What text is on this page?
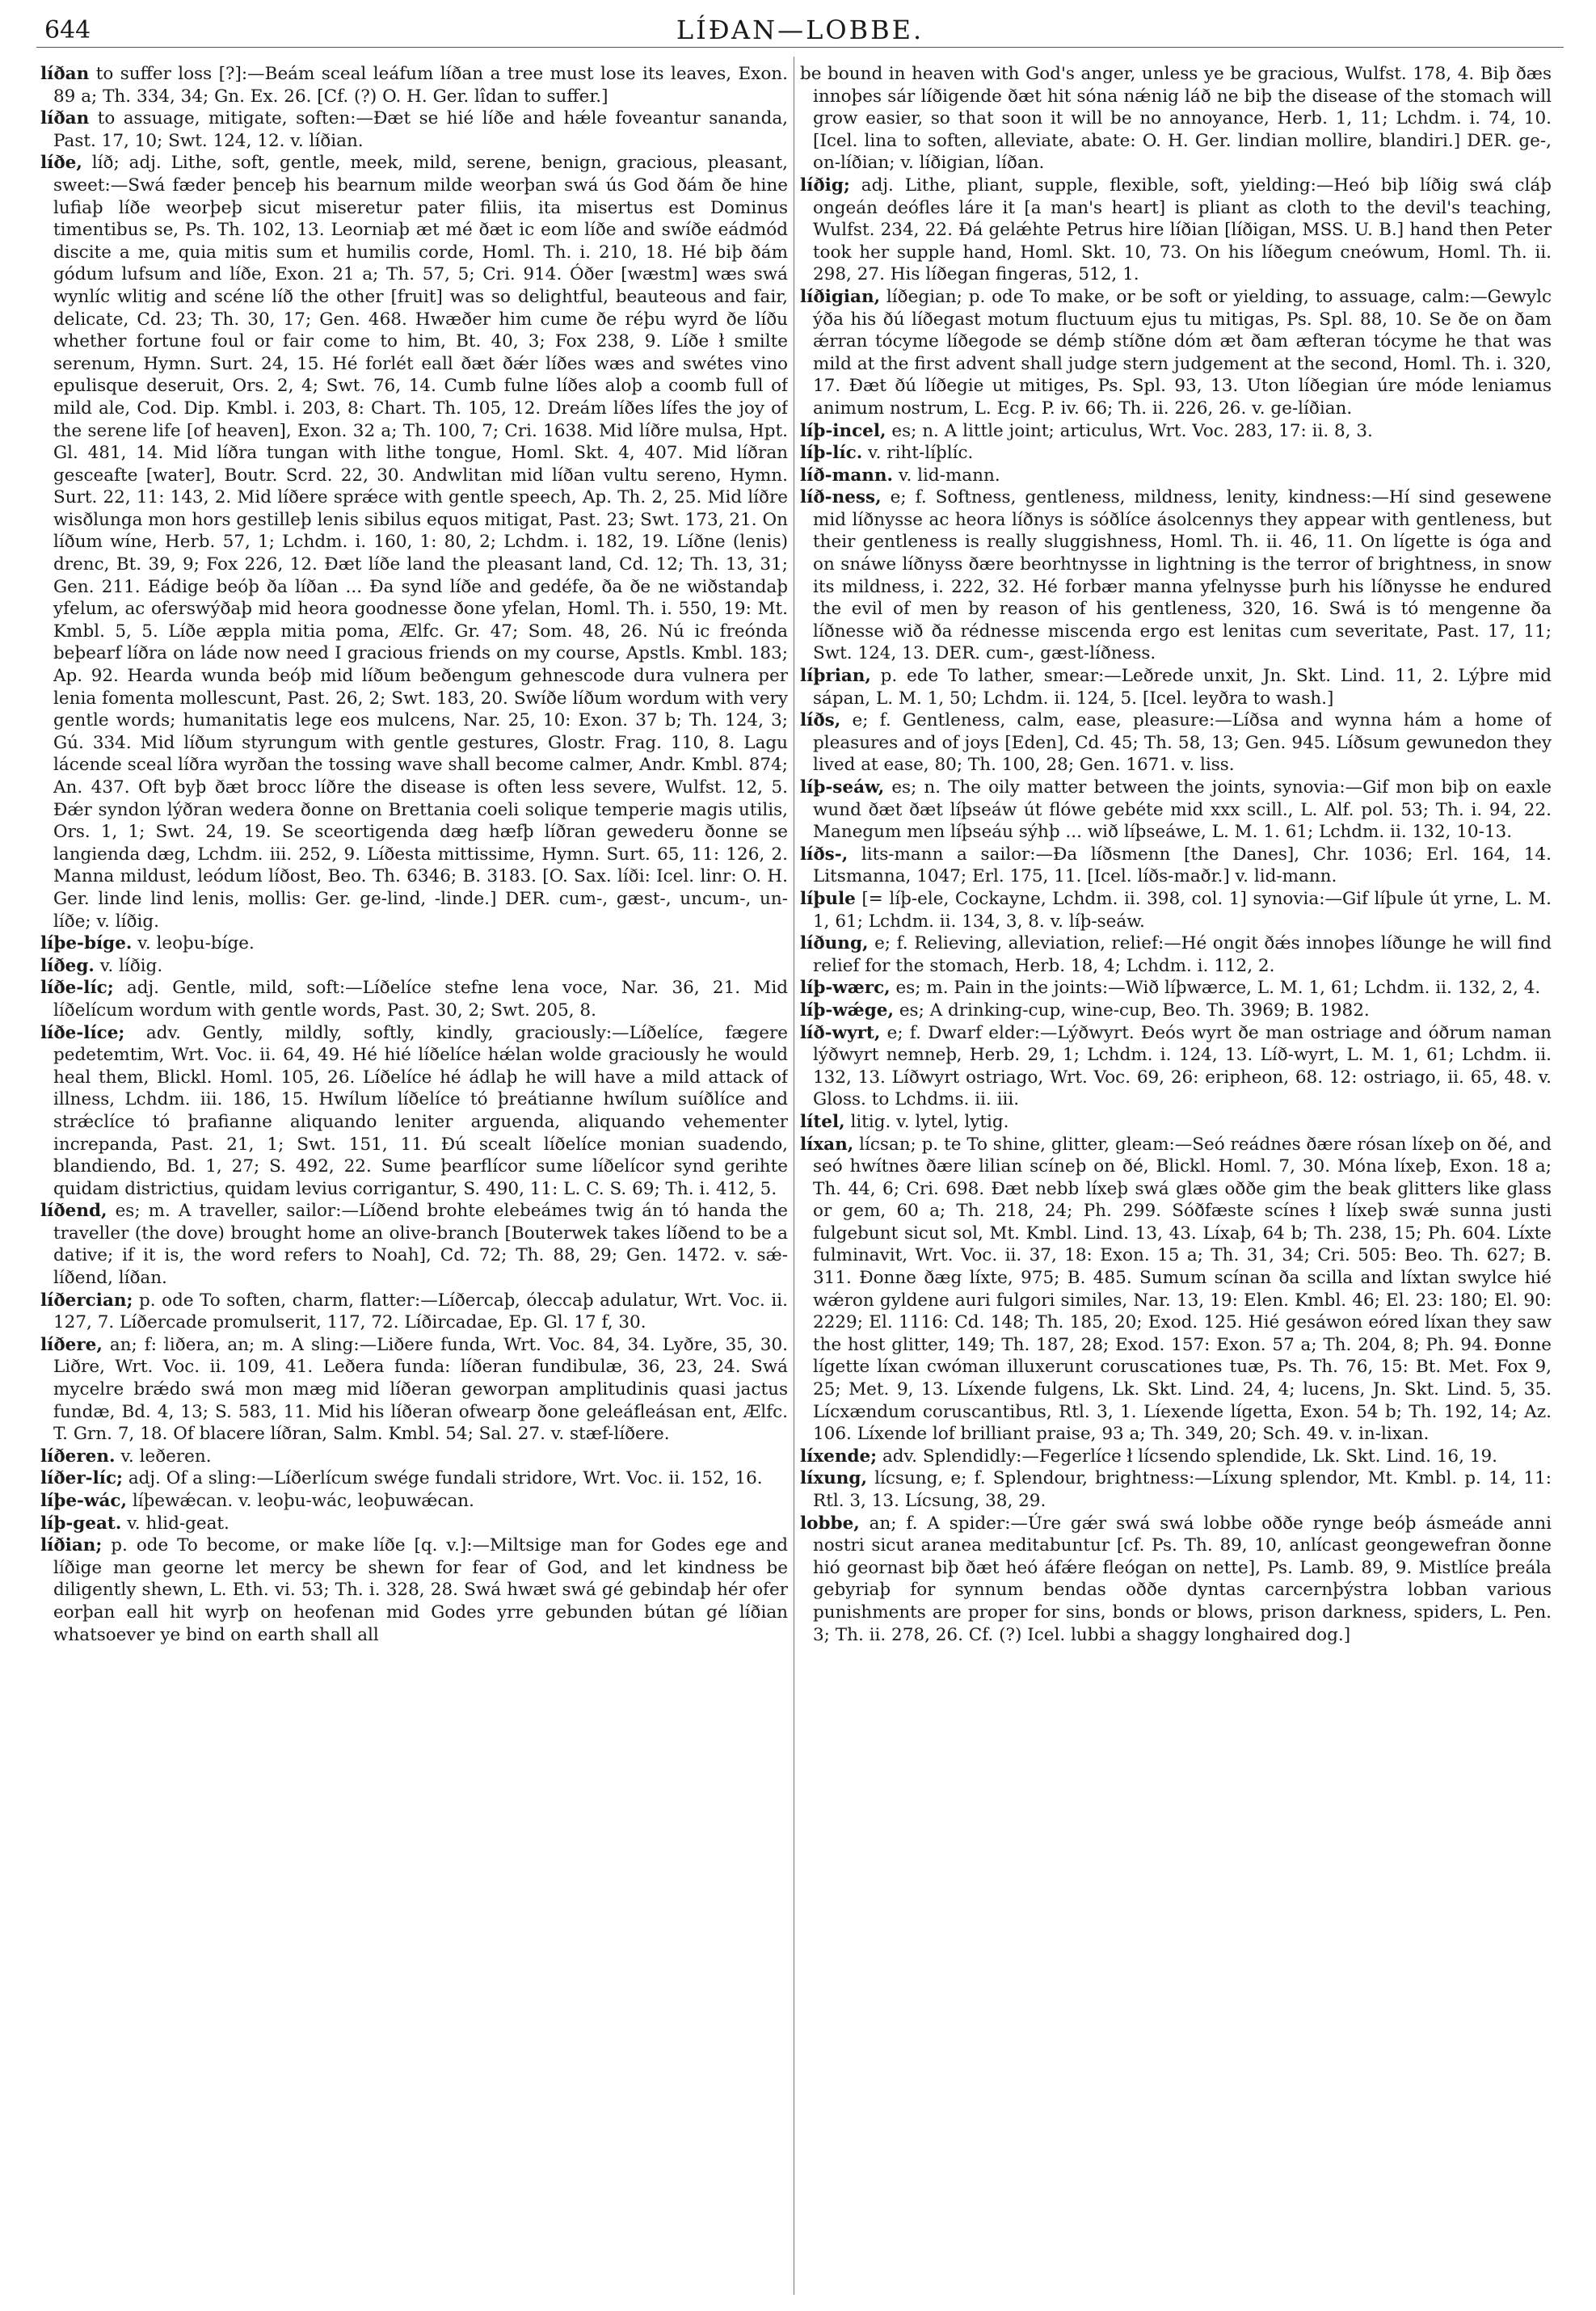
644	LÍÐAN—LOBBE.

líðan to suffer loss [?]:—Beám sceal leáfum líðan a tree must lose its leaves, Exon. 89 a; Th. 334, 34; Gn. Ex. 26. [Cf. (?) O. H. Ger. lîdan to suffer.]

líðan to assuage, mitigate, soften:—Ðæt se hié líðe and hǽle foveantur sananda, Past. 17, 10; Swt. 124, 12. v. líðian.

líðe, líð; adj. Lithe, soft, gentle, meek, mild, serene, benign, gracious, pleasant, sweet:—Swá fæder þenceþ his bearnum milde weorþan swá ús God ðám ðe hine lufiaþ líðe weorþeþ sicut miseretur pater filiis, ita misertus est Dominus timentibus se, Ps. Th. 102, 13. Leorniaþ æt mé ðæt ic eom líðe and swíðe eádmód discite a me, quia mitis sum et humilis corde, Homl. Th. i. 210, 18. Hé biþ ðám gódum lufsum and líðe, Exon. 21 a; Th. 57, 5; Cri. 914. Óðer [wæstm] wæs swá wynlíc wlitig and scéne líð the other [fruit] was so delightful, beauteous and fair, delicate, Cd. 23; Th. 30, 17; Gen. 468. Hwæðer him cume ðe réþu wyrd ðe líðu whether fortune foul or fair come to him, Bt. 40, 3; Fox 238, 9. Líðe ł smilte serenum, Hymn. Surt. 24, 15. Hé forlét eall ðæt ðǽr líðes wæs and swétes vino epulisque deseruit, Ors. 2, 4; Swt. 76, 14. Cumb fulne líðes aloþ a coomb full of mild ale, Cod. Dip. Kmbl. i. 203, 8: Chart. Th. 105, 12. Dreám líðes lífes the joy of the serene life [of heaven], Exon. 32 a; Th. 100, 7; Cri. 1638. Mid líðre mulsa, Hpt. Gl. 481, 14. Mid líðra tungan with lithe tongue, Homl. Skt. 4, 407. Mid líðran gesceafte [water], Boutr. Scrd. 22, 30. Andwlitan mid líðan vultu sereno, Hymn. Surt. 22, 11: 143, 2. Mid líðere sprǽce with gentle speech, Ap. Th. 2, 25. Mid líðre wisðlunga mon hors gestilleþ lenis sibilus equos mitigat, Past. 23; Swt. 173, 21. On líðum wíne, Herb. 57, 1; Lchdm. i. 160, 1: 80, 2; Lchdm. i. 182, 19. Líðne (lenis) drenc, Bt. 39, 9; Fox 226, 12. Ðæt líðe land the pleasant land, Cd. 12; Th. 13, 31; Gen. 211. Eádige beóþ ða líðan ... Ða synd líðe and gedéfe, ða ðe ne wiðstandaþ yfelum, ac oferswýðaþ mid heora goodnesse ðone yfelan, Homl. Th. i. 550, 19: Mt. Kmbl. 5, 5. Líðe æppla mitia poma, Ælfc. Gr. 47; Som. 48, 26. Nú ic freónda beþearf líðra on láde now need I gracious friends on my course, Apstls. Kmbl. 183; Ap. 92. Hearda wunda beóþ mid líðum beðengum gehnescode dura vulnera per lenia fomenta mollescunt, Past. 26, 2; Swt. 183, 20. Swíðe líðum wordum with very gentle words; humanitatis lege eos mulcens, Nar. 25, 10: Exon. 37 b; Th. 124, 3; Gú. 334. Mid líðum styrungum with gentle gestures, Glostr. Frag. 110, 8. Lagu lácende sceal líðra wyrðan the tossing wave shall become calmer, Andr. Kmbl. 874; An. 437. Oft byþ ðæt brocc líðre the disease is often less severe, Wulfst. 12, 5. Ðǽr syndon lýðran wedera ðonne on Brettania coeli solique temperie magis utilis, Ors. 1, 1; Swt. 24, 19. Se sceortigenda dæg hæfþ líðran gewederu ðonne se langienda dæg, Lchdm. iii. 252, 9. Líðesta mittissime, Hymn. Surt. 65, 11: 126, 2. Manna mildust, leódum líðost, Beo. Th. 6346; B. 3183. [O. Sax. líði: Icel. linr: O. H. Ger. linde lind lenis, mollis: Ger. ge-lind, -linde.] DER. cum-, gæst-, uncum-, un- líðe; v. líðig.

líþe-bíge. v. leoþu-bíge.

líðeg. v. líðig.

líðe-líc; adj. Gentle, mild, soft:—Líðelíce stefne lena voce, Nar. 36, 21. Mid líðelícum wordum with gentle words, Past. 30, 2; Swt. 205, 8.

líðe-líce; adv. Gently, mildly, softly, kindly, graciously:—Líðelíce, fægere pedetemtim, Wrt. Voc. ii. 64, 49. Hé hié líðelíce hǽlan wolde graciously he would heal them, Blickl. Homl. 105, 26. Líðelíce hé ádlaþ he will have a mild attack of illness, Lchdm. iii. 186, 15. Hwílum líðelíce tó þreátianne hwílum suíðlíce and strǽclíce tó þrafianne aliquando leniter arguenda, aliquando vehementer increpanda, Past. 21, 1; Swt. 151, 11. Ðú scealt líðelíce monian suadendo, blandiendo, Bd. 1, 27; S. 492, 22. Sume þearflícor sume líðelícor synd gerihte quidam districtius, quidam levius corrigantur, S. 490, 11: L. C. S. 69; Th. i. 412, 5.

líðend, es; m. A traveller, sailor:—Líðend brohte elebeámes twig án tó handa the traveller (the dove) brought home an olive-branch [Bouterwek takes líðend to be a dative; if it is, the word refers to Noah], Cd. 72; Th. 88, 29; Gen. 1472. v. sǽ-líðend, líðan.

líðercian; p. ode To soften, charm, flatter:—Líðercaþ, óleccaþ adulatur, Wrt. Voc. ii. 127, 7. Líðercade promulserit, 117, 72. Líðircadae, Ep. Gl. 17 f, 30.

líðere, an; f: liðera, an; m. A sling:—Liðere funda, Wrt. Voc. 84, 34. Lyðre, 35, 30. Liðre, Wrt. Voc. ii. 109, 41. Leðera funda: líðeran fundibulæ, 36, 23, 24. Swá mycelre brǽdo swá mon mæg mid líðeran geworpan amplitudinis quasi jactus fundæ, Bd. 4, 13; S. 583, 11. Mid his líðeran ofwearp ðone geleáfleásan ent, Ælfc. T. Grn. 7, 18. Of blacere líðran, Salm. Kmbl. 54; Sal. 27. v. stæf-líðere.

líðeren. v. leðeren.

líðer-líc; adj. Of a sling:—Líðerlícum swége fundali stridore, Wrt. Voc. ii. 152, 16.

líþe-wác, líþewǽcan. v. leoþu-wác, leoþuwǽcan.

líþ-geat. v. hlid-geat.

líðian; p. ode To become, or make líðe [q. v.]:—Miltsige man for Godes ege and líðige man georne let mercy be shewn for fear of God, and let kindness be diligently shewn, L. Eth. vi. 53; Th. i. 328, 28. Swá hwæt swá gé gebindaþ hér ofer eorþan eall hit wyrþ on heofenan mid Godes yrre gebunden bútan gé líðian whatsoever ye bind on earth shall all

be bound in heaven with God's anger, unless ye be gracious, Wulfst. 178, 4. Biþ ðæs innoþes sár líðigende ðæt hit sóna nǽnig láð ne biþ the disease of the stomach will grow easier, so that soon it will be no annoyance, Herb. 1, 11; Lchdm. i. 74, 10. [Icel. lina to soften, alleviate, abate: O. H. Ger. lindian mollire, blandiri.] DER. ge-, on-líðian; v. líðigian, líðan.

líðig; adj. Lithe, pliant, supple, flexible, soft, yielding:—Heó biþ líðig swá cláþ ongeán deófles láre it [a man's heart] is pliant as cloth to the devil's teaching, Wulfst. 234, 22. Ðá gelǽhte Petrus hire líðian [líðigan, MSS. U. B.] hand then Peter took her supple hand, Homl. Skt. 10, 73. On his líðegum cneówum, Homl. Th. ii. 298, 27. His líðegan fingeras, 512, 1.

líðigian, líðegian; p. ode To make, or be soft or yielding, to assuage, calm:—Gewylc ýða his ðú líðegast motum fluctuum ejus tu mitigas, Ps. Spl. 88, 10. Se ðe on ðam ǽrran tócyme líðegode se démþ stíðne dóm æt ðam æfteran tócyme he that was mild at the first advent shall judge stern judgement at the second, Homl. Th. i. 320, 17. Ðæt ðú líðegie ut mitiges, Ps. Spl. 93, 13. Uton líðegian úre móde leniamus animum nostrum, L. Ecg. P. iv. 66; Th. ii. 226, 26. v. ge-líðian.

líþ-incel, es; n. A little joint; articulus, Wrt. Voc. 283, 17: ii. 8, 3.

líþ-líc. v. riht-líþlíc.

líð-mann. v. lid-mann.

líð-ness, e; f. Softness, gentleness, mildness, lenity, kindness:—Hí sind gesewene mid líðnysse ac heora líðnys is sóðlíce ásolcennys they appear with gentleness, but their gentleness is really sluggishness, Homl. Th. ii. 46, 11. On lígette is óga and on snáwe líðnyss ðære beorhtnysse in lightning is the terror of brightness, in snow its mildness, i. 222, 32. Hé forbær manna yfelnysse þurh his líðnysse he endured the evil of men by reason of his gentleness, 320, 16. Swá is tó mengenne ða líðnesse wið ða rédnesse miscenda ergo est lenitas cum severitate, Past. 17, 11; Swt. 124, 13. DER. cum-, gæst-líðness.

líþrian, p. ede To lather, smear:—Leðrede unxit, Jn. Skt. Lind. 11, 2. Lýþre mid sápan, L. M. 1, 50; Lchdm. ii. 124, 5. [Icel. leyðra to wash.]

líðs, e; f. Gentleness, calm, ease, pleasure:—Líðsa and wynna hám a home of pleasures and of joys [Eden], Cd. 45; Th. 58, 13; Gen. 945. Líðsum gewunedon they lived at ease, 80; Th. 100, 28; Gen. 1671. v. liss.

líþ-seáw, es; n. The oily matter between the joints, synovia:—Gif mon biþ on eaxle wund ðæt ðæt líþseáw út flówe gebéte mid xxx scill., L. Alf. pol. 53; Th. i. 94, 22. Manegum men líþseáu sýhþ ... wið líþseáwe, L. M. 1. 61; Lchdm. ii. 132, 10-13.

líðs-, lits-mann a sailor:—Ða líðsmenn [the Danes], Chr. 1036; Erl. 164, 14. Litsmanna, 1047; Erl. 175, 11. [Icel. líðs-maðr.] v. lid-mann.

líþule [= líþ-ele, Cockayne, Lchdm. ii. 398, col. 1] synovia:—Gif líþule út yrne, L. M. 1, 61; Lchdm. ii. 134, 3, 8. v. líþ-seáw.

líðung, e; f. Relieving, alleviation, relief:—Hé ongit ðǽs innoþes líðunge he will find relief for the stomach, Herb. 18, 4; Lchdm. i. 112, 2.

líþ-wærc, es; m. Pain in the joints:—Wið líþwærce, L. M. 1, 61; Lchdm. ii. 132, 2, 4.

líþ-wǽge, es; A drinking-cup, wine-cup, Beo. Th. 3969; B. 1982.

líð-wyrt, e; f. Dwarf elder:—Lýðwyrt. Ðeós wyrt ðe man ostriage and óðrum naman lýðwyrt nemneþ, Herb. 29, 1; Lchdm. i. 124, 13. Líð-wyrt, L. M. 1, 61; Lchdm. ii. 132, 13. Líðwyrt ostriago, Wrt. Voc. 69, 26: eripheon, 68. 12: ostriago, ii. 65, 48. v. Gloss. to Lchdms. ii. iii.

lítel, litig. v. lytel, lytig.

líxan, lícsan; p. te To shine, glitter, gleam:—Seó reádnes ðære rósan líxeþ on ðé, and seó hwítnes ðære lilian scíneþ on ðé, Blickl. Homl. 7, 30. Móna líxeþ, Exon. 18 a; Th. 44, 6; Cri. 698. Ðæt nebb líxeþ swá glæs oððe gim the beak glitters like glass or gem, 60 a; Th. 218, 24; Ph. 299. Sóðfæste scínes ł líxeþ swǽ sunna justi fulgebunt sicut sol, Mt. Kmbl. Lind. 13, 43. Líxaþ, 64 b; Th. 238, 15; Ph. 604. Líxte fulminavit, Wrt. Voc. ii. 37, 18: Exon. 15 a; Th. 31, 34; Cri. 505: Beo. Th. 627; B. 311. Ðonne ðæg líxte, 975; B. 485. Sumum scínan ða scilla and líxtan swylce hié wǽron gyldene auri fulgori similes, Nar. 13, 19: Elen. Kmbl. 46; El. 23: 180; El. 90: 2229; El. 1116: Cd. 148; Th. 185, 20; Exod. 125. Hié gesáwon eóred líxan they saw the host glitter, 149; Th. 187, 28; Exod. 157: Exon. 57 a; Th. 204, 8; Ph. 94. Ðonne lígette líxan cwóman illuxerunt coruscationes tuæ, Ps. Th. 76, 15: Bt. Met. Fox 9, 25; Met. 9, 13. Líxende fulgens, Lk. Skt. Lind. 24, 4; lucens, Jn. Skt. Lind. 5, 35. Lícxændum coruscantibus, Rtl. 3, 1. Líexende lígetta, Exon. 54 b; Th. 192, 14; Az. 106. Líxende lof brilliant praise, 93 a; Th. 349, 20; Sch. 49. v. in-lixan.

líxende; adv. Splendidly:—Fegerlíce ł lícsendo splendide, Lk. Skt. Lind. 16, 19.

líxung, lícsung, e; f. Splendour, brightness:—Líxung splendor, Mt. Kmbl. p. 14, 11: Rtl. 3, 13. Lícsung, 38, 29.

lobbe, an; f. A spider:—Úre gǽr swá swá lobbe oððe rynge beóþ ásmeáde anni nostri sicut aranea meditabuntur [cf. Ps. Th. 89, 10, anlícast geongewefran ðonne hió geornast biþ ðæt heó áfǽre fleógan on nette], Ps. Lamb. 89, 9. Mistlíce þreála gebyriaþ for synnum bendas oððe dyntas carcernþýstra lobban various punishments are proper for sins, bonds or blows, prison darkness, spiders, L. Pen. 3; Th. ii. 278, 26. Cf. (?) Icel. lubbi a shaggy longhaired dog.]
